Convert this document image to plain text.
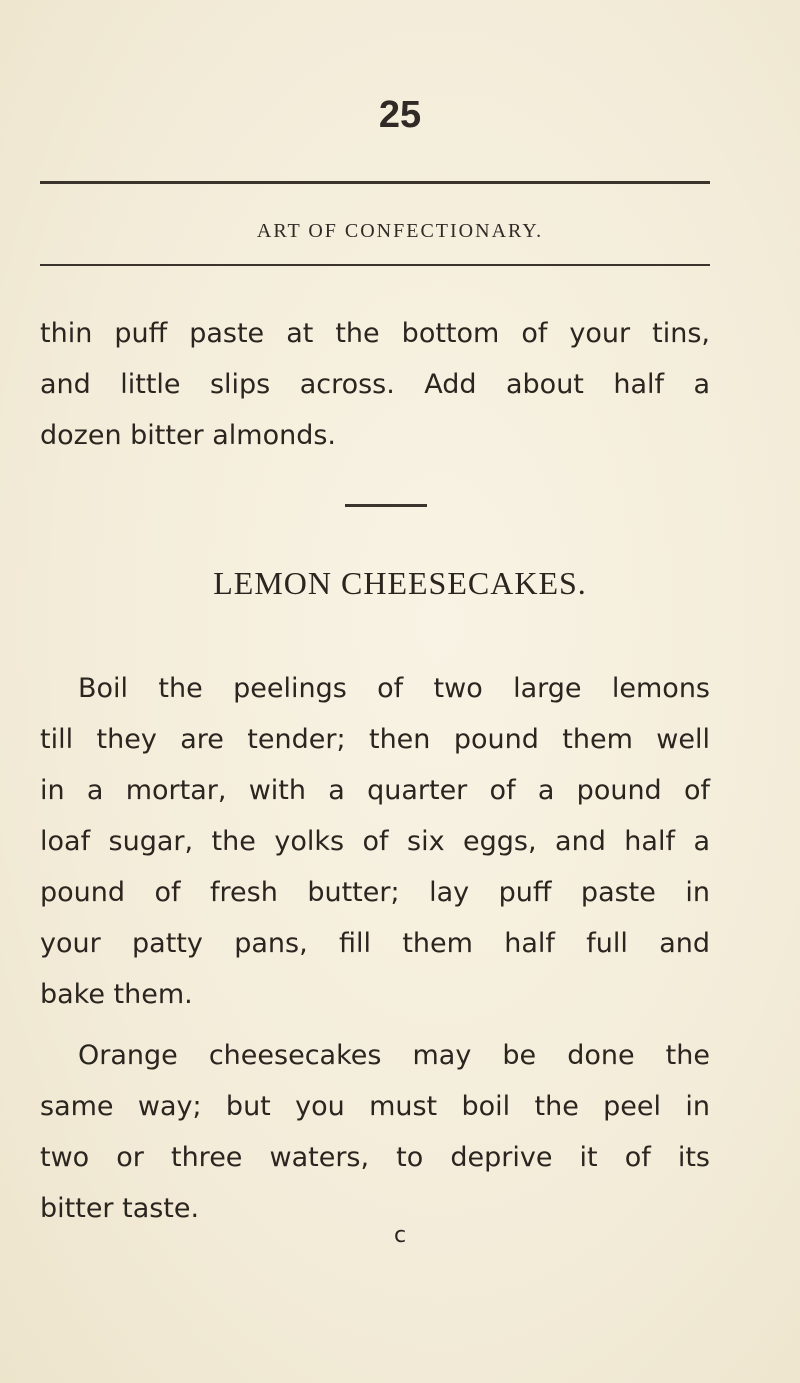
25
ART OF CONFECTIONARY.
thin puff paste at the bottom of your tins,
and little slips across. Add about half a
dozen bitter almonds.
LEMON CHEESECAKES.
Boil the peelings of two large lemons
till they are tender; then pound them well
in a mortar, with a quarter of a pound of
loaf sugar, the yolks of six eggs, and half a
pound of fresh butter; lay puff paste in
your patty pans, fill them half full and
bake them.
Orange cheesecakes may be done the
same way; but you must boil the peel in
two or three waters, to deprive it of its
bitter taste.
c
